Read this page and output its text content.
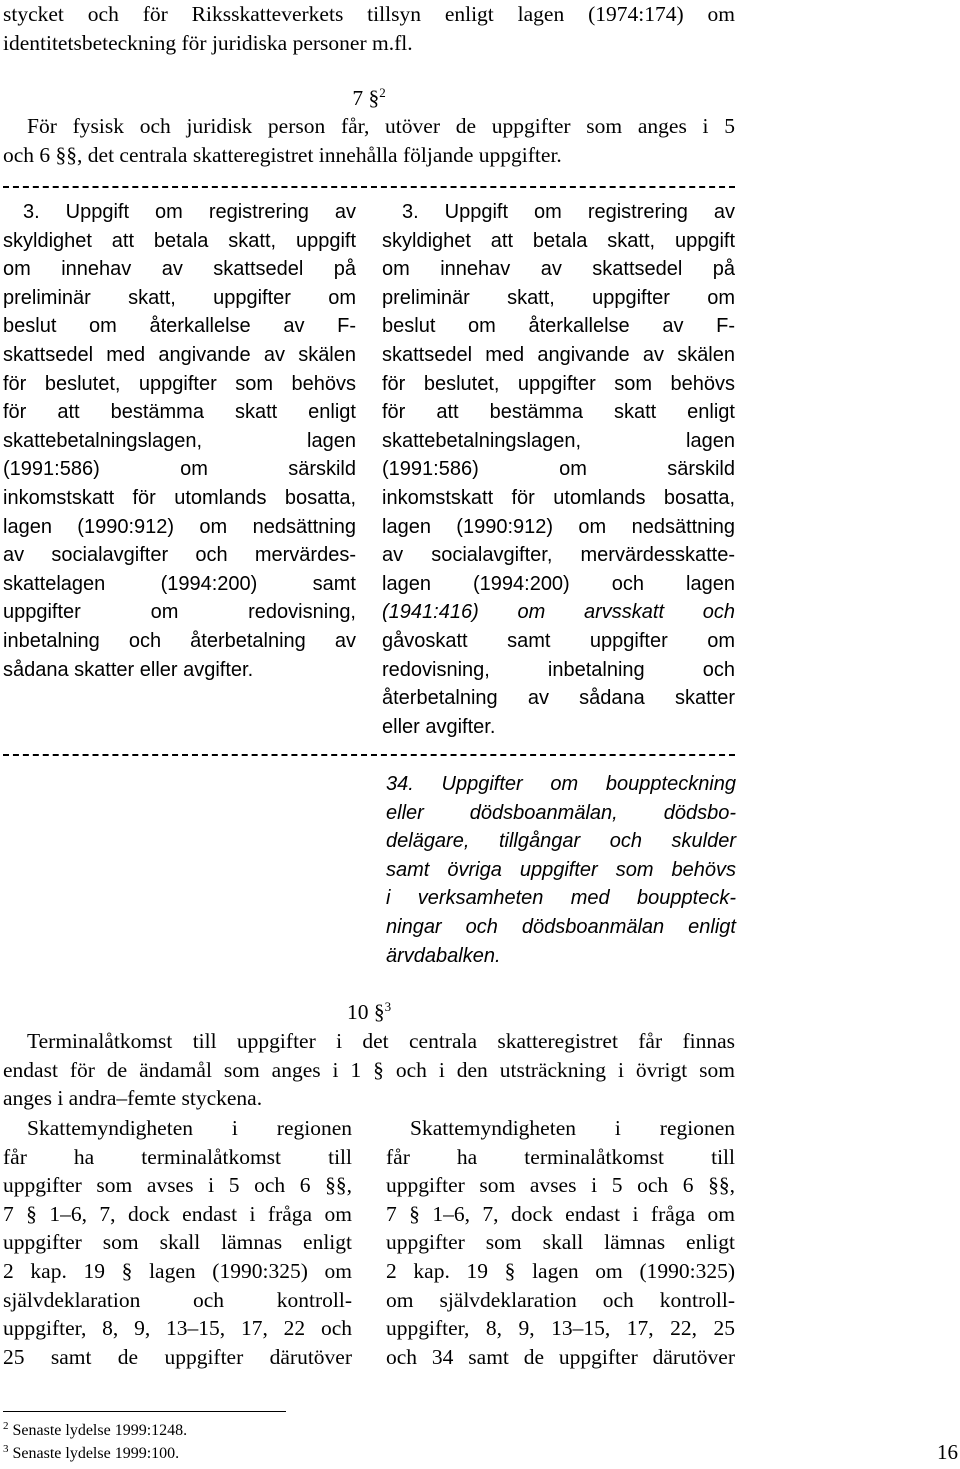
stycket och för Riksskatteverkets tillsyn enligt lagen (1974:174) om
identitetsbeteckning för juridiska personer m.fl.
7 §$^2$
För fysisk och juridisk person får, utöver de uppgifter som anges i 5
och 6 §§, det centrala skatteregistret innehålla följande uppgifter.
3. Uppgift om registrering av
skyldighet att betala skatt, uppgift
om innehav av skattsedel på
preliminär skatt, uppgifter om
beslut om återkallelse av F-
skattsedel med angivande av skälen
för beslutet, uppgifter som behövs
för att bestämma skatt enligt
skattebetalningslagen, lagen
(1991:586) om särskild
inkomstskatt för utomlands bosatta,
lagen (1990:912) om nedsättning
av socialavgifter och mervärdes-
skattelagen (1994:200) samt
uppgifter om redovisning,
inbetalning och återbetalning av
sådana skatter eller avgifter.
3. Uppgift om registrering av
skyldighet att betala skatt, uppgift
om innehav av skattsedel på
preliminär skatt, uppgifter om
beslut om återkallelse av F-
skattsedel med angivande av skälen
för beslutet, uppgifter som behövs
för att bestämma skatt enligt
skattebetalningslagen, lagen
(1991:586) om särskild
inkomstskatt för utomlands bosatta,
lagen (1990:912) om nedsättning
av socialavgifter, mervärdesskatte-
lagen (1994:200) och lagen
(1941:416) om arvsskatt och
gåvoskatt samt uppgifter om
redovisning, inbetalning och
återbetalning av sådana skatter
eller avgifter.
34. Uppgifter om bouppteckning
eller dödsboanmälan, dödsbo-
delägare, tillgångar och skulder
samt övriga uppgifter som behövs
i verksamheten med bouppteck-
ningar och dödsboanmälan enligt
ärvdabalken.
10 §$^3$
Terminalåtkomst till uppgifter i det centrala skatteregistret får finnas
endast för de ändamål som anges i 1 § och i den utsträckning i övrigt som
anges i andra–femte styckena.
Skattemyndigheten i regionen
får ha terminalåtkomst till
uppgifter som avses i 5 och 6 §§,
7 § 1–6, 7, dock endast i fråga om
uppgifter som skall lämnas enligt
2 kap. 19 § lagen (1990:325) om
självdeklaration och kontroll-
uppgifter, 8, 9, 13–15, 17, 22 och
25 samt de uppgifter därutöver
Skattemyndigheten i regionen
får ha terminalåtkomst till
uppgifter som avses i 5 och 6 §§,
7 § 1–6, 7, dock endast i fråga om
uppgifter som skall lämnas enligt
2 kap. 19 § lagen om (1990:325)
om självdeklaration och kontroll-
uppgifter, 8, 9, 13–15, 17, 22, 25
och 34 samt de uppgifter därutöver
$^2$ Senaste lydelse 1999:1248.
$^3$ Senaste lydelse 1999:100.	16
